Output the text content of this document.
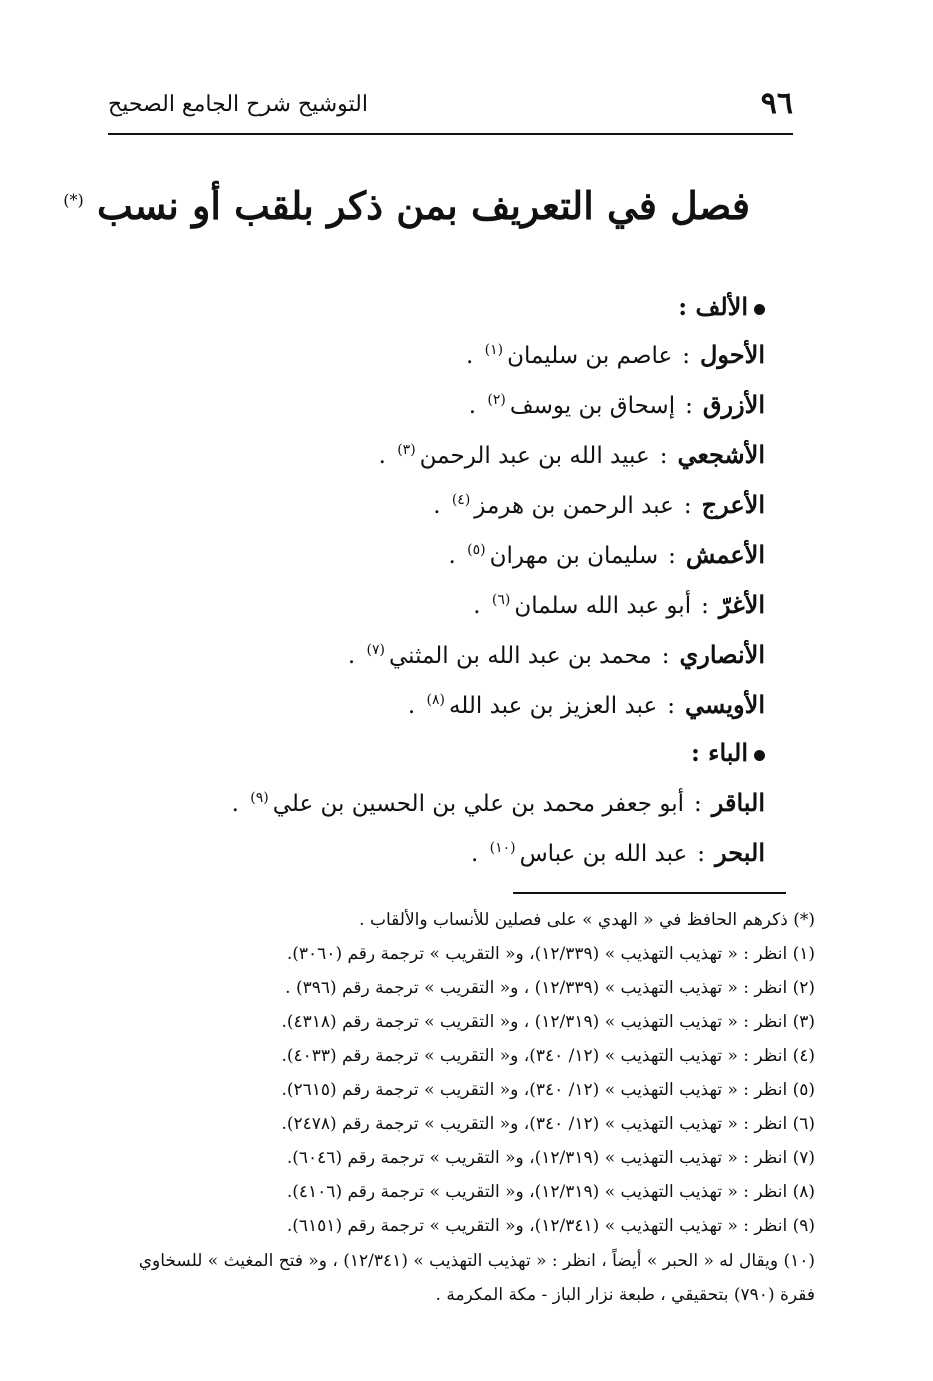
٩٦
التوشيح شرح الجامع الصحيح
فصل في التعريف بمن ذكر بلقب أو نسب (*)
الألف :
الأحول:عاصم بن سليمان$^{(١)}$ .
الأزرق:إسحاق بن يوسف$^{(٢)}$ .
الأشجعي:عبيد الله بن عبد الرحمن$^{(٣)}$ .
الأعرج:عبد الرحمن بن هرمز$^{(٤)}$ .
الأعمش:سليمان بن مهران$^{(٥)}$ .
الأغرّ:أبو عبد الله سلمان$^{(٦)}$ .
الأنصاري:محمد بن عبد الله بن المثني$^{(٧)}$ .
الأويسي:عبد العزيز بن عبد الله$^{(٨)}$ .
الباء :
الباقر:أبو جعفر محمد بن علي بن الحسين بن علي$^{(٩)}$ .
البحر:عبد الله بن عباس$^{(١٠)}$ .
(*) ذكرهم الحافظ في « الهدي » على فصلين للأنساب والألقاب .
(١) انظر : « تهذيب التهذيب » (١٢/٣٣٩)، و« التقريب » ترجمة رقم (٣٠٦٠).
(٢) انظر : « تهذيب التهذيب » (١٢/٣٣٩) ، و« التقريب » ترجمة رقم (٣٩٦) .
(٣) انظر : « تهذيب التهذيب » (١٢/٣١٩) ، و« التقريب » ترجمة رقم (٤٣١٨).
(٤) انظر : « تهذيب التهذيب » (١٢/ ٣٤٠)، و« التقريب » ترجمة رقم (٤٠٣٣).
(٥) انظر : « تهذيب التهذيب » (١٢/ ٣٤٠)، و« التقريب » ترجمة رقم (٢٦١٥).
(٦) انظر : « تهذيب التهذيب » (١٢/ ٣٤٠)، و« التقريب » ترجمة رقم (٢٤٧٨).
(٧) انظر : « تهذيب التهذيب » (١٢/٣١٩)، و« التقريب » ترجمة رقم (٦٠٤٦).
(٨) انظر : « تهذيب التهذيب » (١٢/٣١٩)، و« التقريب » ترجمة رقم (٤١٠٦).
(٩) انظر : « تهذيب التهذيب » (١٢/٣٤١)، و« التقريب » ترجمة رقم (٦١٥١).
(١٠) ويقال له « الحبر » أيضاً ، انظر : « تهذيب التهذيب » (١٢/٣٤١) ، و« فتح المغيث » للسخاوي فقرة (٧٩٠) بتحقيقي ، طبعة نزار الباز - مكة المكرمة .
